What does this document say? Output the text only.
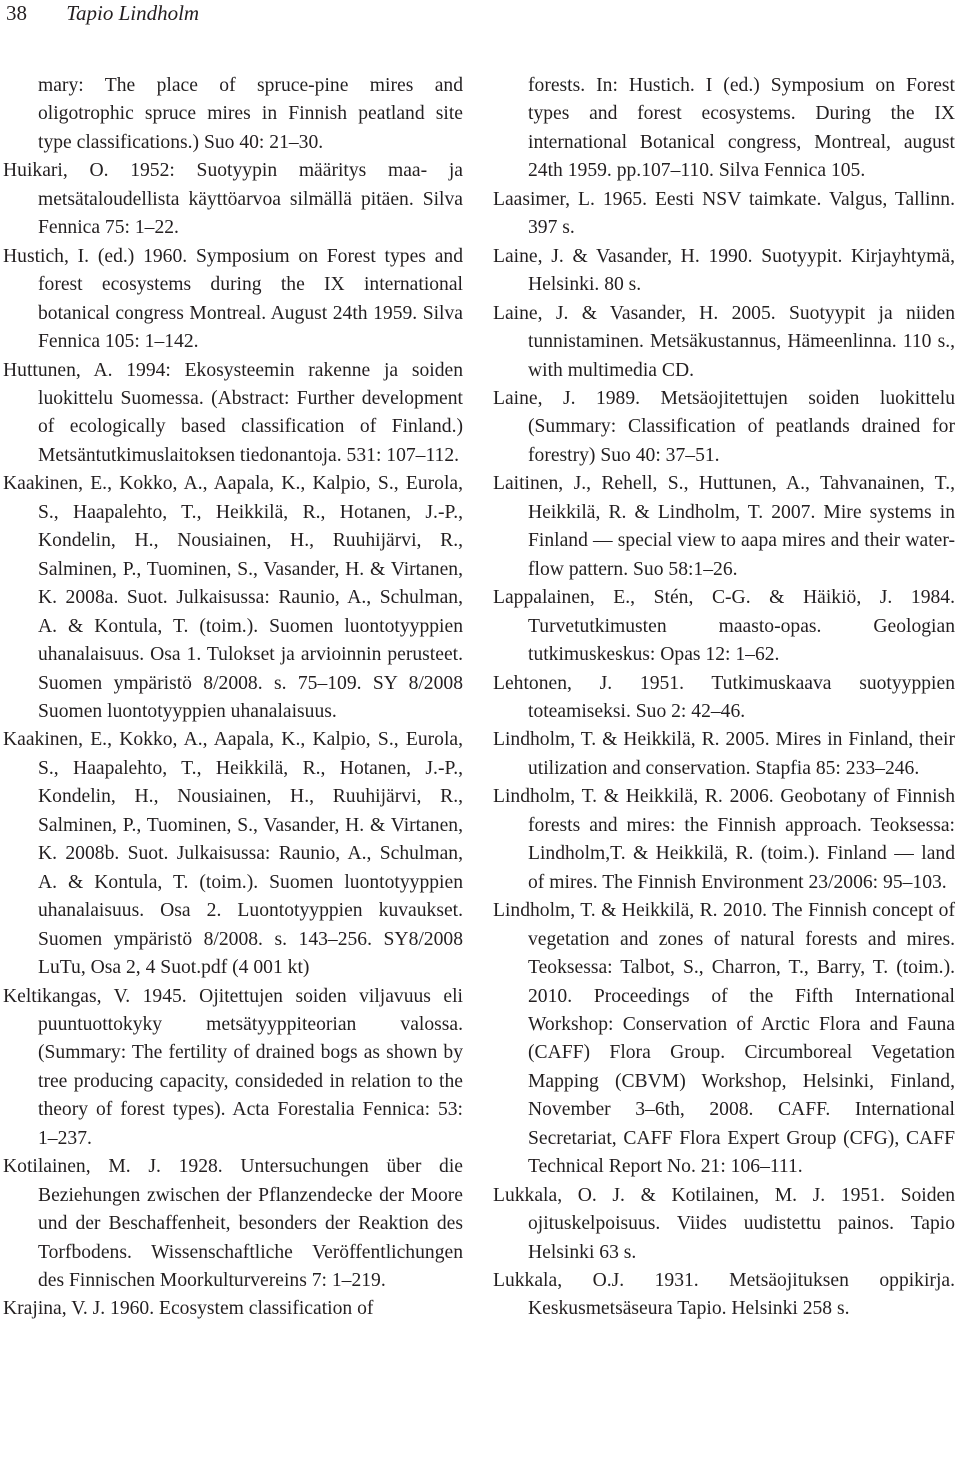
38 Tapio Lindholm

mary: The place of spruce-pine mires and oligotrophic spruce mires in Finnish peatland site type classifications.) Suo 40: 21–30.

Huikari, O. 1952: Suotyypin määritys maa- ja metsätaloudellista käyttöarvoa silmällä pitäen. Silva Fennica 75: 1–22.

Hustich, I. (ed.) 1960. Symposium on Forest types and forest ecosystems during the IX international botanical congress Montreal. August 24th 1959. Silva Fennica 105: 1–142.

Huttunen, A. 1994: Ekosysteemin rakenne ja soiden luokittelu Suomessa. (Abstract: Further development of ecologically based classification of Finland.) Metsäntutkimuslaitoksen tiedonantoja. 531: 107–112.

Kaakinen, E., Kokko, A., Aapala, K., Kalpio, S., Eurola, S., Haapalehto, T., Heikkilä, R., Hotanen, J.-P., Kondelin, H., Nousiainen, H., Ruuhijärvi, R., Salminen, P., Tuominen, S., Vasander, H. & Virtanen, K. 2008a. Suot. Julkaisussa: Raunio, A., Schulman, A. & Kontula, T. (toim.). Suomen luontotyyppien uhanalaisuus. Osa 1. Tulokset ja arvioinnin perusteet. Suomen ympäristö 8/2008. s. 75–109. SY 8/2008 Suomen luontotyyppien uhanalaisuus.

Kaakinen, E., Kokko, A., Aapala, K., Kalpio, S., Eurola, S., Haapalehto, T., Heikkilä, R., Hotanen, J.-P., Kondelin, H., Nousiainen, H., Ruuhijärvi, R., Salminen, P., Tuominen, S., Vasander, H. & Virtanen, K. 2008b. Suot. Julkaisussa: Raunio, A., Schulman, A. & Kontula, T. (toim.). Suomen luontotyyppien uhanalaisuus. Osa 2. Luontotyyppien kuvaukset. Suomen ympäristö 8/2008. s. 143–256. SY8/2008 LuTu, Osa 2, 4 Suot.pdf (4 001 kt)

Keltikangas, V. 1945. Ojitettujen soiden viljavuus eli puuntuottokyky metsätyyppiteorian valossa. (Summary: The fertility of drained bogs as shown by tree producing capacity, consideded in relation to the theory of forest types). Acta Forestalia Fennica: 53: 1–237.

Kotilainen, M. J. 1928. Untersuchungen über die Beziehungen zwischen der Pflanzendecke der Moore und der Beschaffenheit, besonders der Reaktion des Torfbodens. Wissenschaftliche Veröffentlichungen des Finnischen Moorkulturvereins 7: 1–219.

Krajina, V. J. 1960. Ecosystem classification of

forests. In: Hustich. I (ed.) Symposium on Forest types and forest ecosystems. During the IX international Botanical congress, Montreal, august 24th 1959. pp.107–110. Silva Fennica 105.

Laasimer, L. 1965. Eesti NSV taimkate. Valgus, Tallinn. 397 s.

Laine, J. & Vasander, H. 1990. Suotyypit. Kirjayhtymä, Helsinki. 80 s.

Laine, J. & Vasander, H. 2005. Suotyypit ja niiden tunnistaminen. Metsäkustannus, Hämeenlinna. 110 s., with multimedia CD.

Laine, J. 1989. Metsäojitettujen soiden luokittelu (Summary: Classification of peatlands drained for forestry) Suo 40: 37–51.

Laitinen, J., Rehell, S., Huttunen, A., Tahvanainen, T., Heikkilä, R. & Lindholm, T. 2007. Mire systems in Finland — special view to aapa mires and their water-flow pattern. Suo 58:1–26.

Lappalainen, E., Stén, C-G. & Häikiö, J. 1984. Turvetutkimusten maasto-opas. Geologian tutkimuskeskus: Opas 12: 1–62.

Lehtonen, J. 1951. Tutkimuskaava suotyyppien toteamiseksi. Suo 2: 42–46.

Lindholm, T. & Heikkilä, R. 2005. Mires in Finland, their utilization and conservation. Stapfia 85: 233–246.

Lindholm, T. & Heikkilä, R. 2006. Geobotany of Finnish forests and mires: the Finnish approach. Teoksessa: Lindholm,T. & Heikkilä, R. (toim.). Finland — land of mires. The Finnish Environment 23/2006: 95–103.

Lindholm, T. & Heikkilä, R. 2010. The Finnish concept of vegetation and zones of natural forests and mires. Teoksessa: Talbot, S., Charron, T., Barry, T. (toim.). 2010. Proceedings of the Fifth International Workshop: Conservation of Arctic Flora and Fauna (CAFF) Flora Group. Circumboreal Vegetation Mapping (CBVM) Workshop, Helsinki, Finland, November 3–6th, 2008. CAFF. International Secretariat, CAFF Flora Expert Group (CFG), CAFF Technical Report No. 21: 106–111.

Lukkala, O. J. & Kotilainen, M. J. 1951. Soiden ojituskelpoisuus. Viides uudistettu painos. Tapio Helsinki 63 s.

Lukkala, O.J. 1931. Metsäojituksen oppikirja. Keskusmetsäseura Tapio. Helsinki 258 s.
